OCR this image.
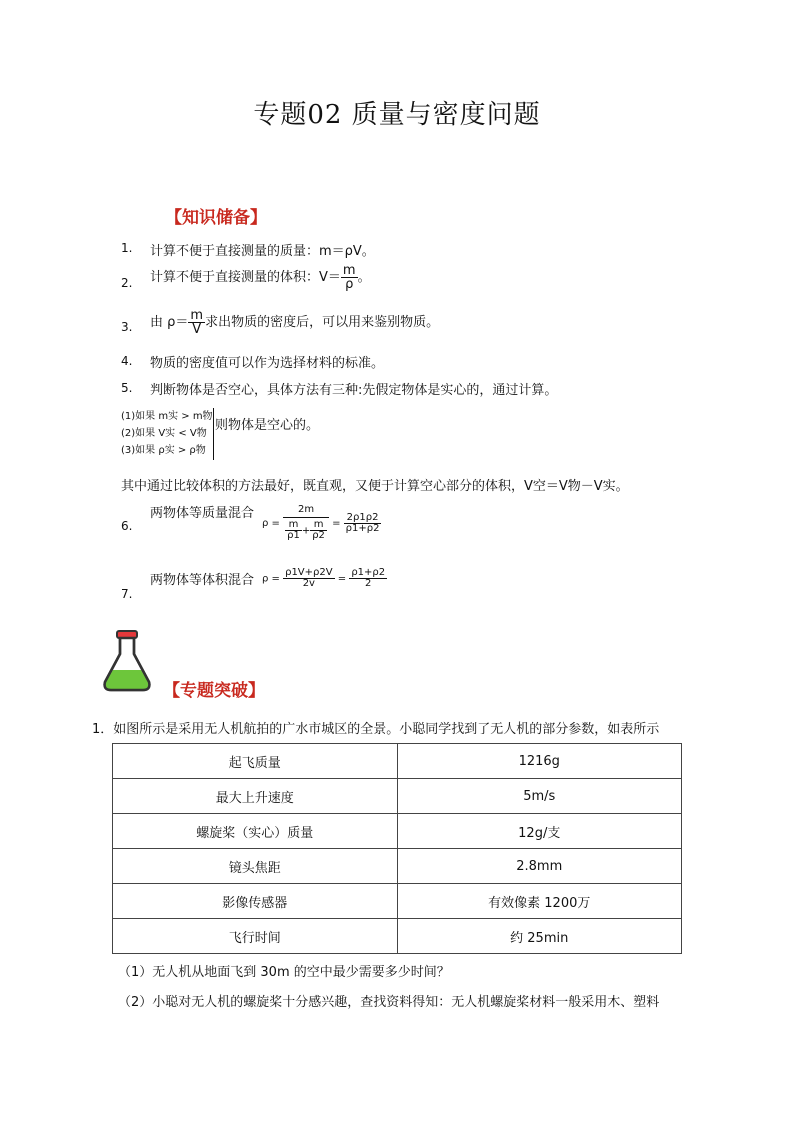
专题02 质量与密度问题
【知识储备】
1. 计算不便于直接测量的质量：m＝ρV。
2. 计算不便于直接测量的体积：$V= \frac{m}{\rho}$ 。
3. 由 $\rho= \frac{m}{V}$ 求出物质的密度后，可以用来鉴别物质。
4. 物质的密度值可以作为选择材料的标准。
5. 判断物体是否空心，具体方法有三种:先假定物体是实心的，通过计算。
(1)如果 m实 > m物
(2)如果 V实 < V物
(3)如果 ρ实 > ρ物
则物体是空心的。
其中通过比较体积的方法最好，既直观，又便于计算空心部分的体积，V空＝V物－V实。
6.
两物体等质量混合
$\rho = \frac{2m}{\frac{m}{\rho 1} + \frac{m}{\rho 2}} = \frac{2\rho 1\rho 2}{\rho 1+\rho 2}$
7.
两物体等体积混合 $\rho = \frac{\rho 1V+\rho 2V}{2v} = \frac{\rho 1+\rho 2}{2}$
【专题突破】
1．如图所示是采用无人机航拍的广水市城区的全景。小聪同学找到了无人机的部分参数，如表所示
起飞质量	1216g
最大上升速度	5m/s
螺旋桨（实心）质量	12g/支
镜头焦距	2.8mm
影像传感器	有效像素 1200万
飞行时间	约 25min
（1）无人机从地面飞到 30m 的空中最少需要多少时间？
（2）小聪对无人机的螺旋桨十分感兴趣，查找资料得知：无人机螺旋桨材料一般采用木、塑料
